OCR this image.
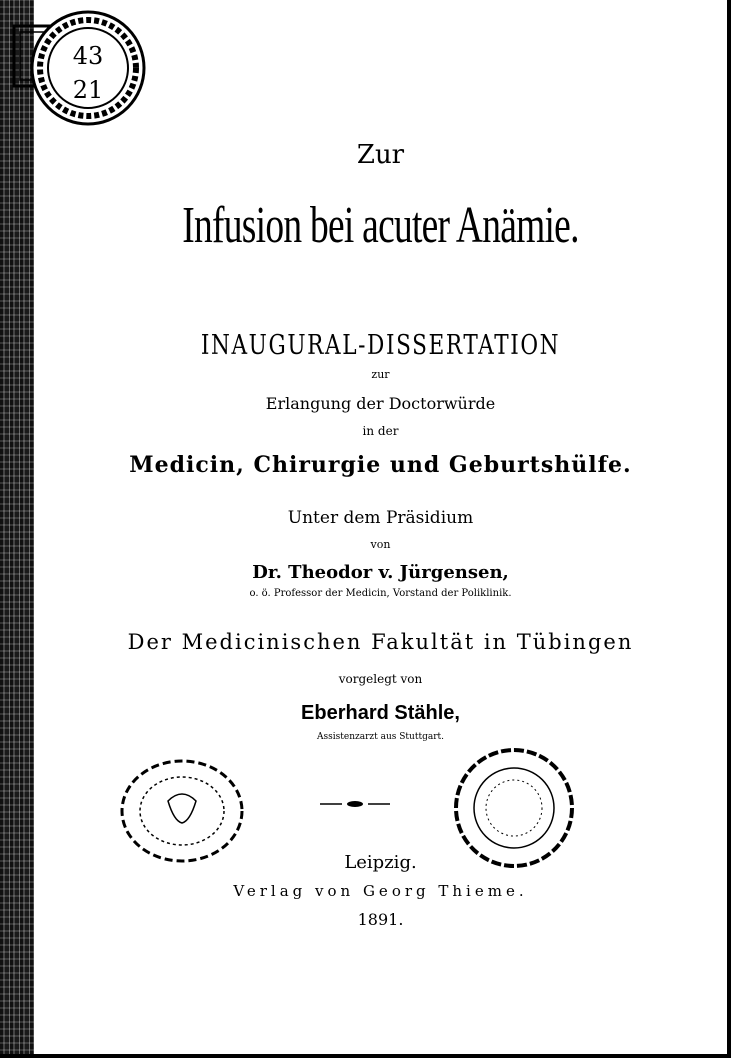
43
21
Zur
Infusion bei acuter Anämie.
INAUGURAL-DISSERTATION
zur
Erlangung der Doctorwürde
in der
Medicin, Chirurgie und Geburtshülfe.
Unter dem Präsidium
von
Dr. Theodor v. Jürgensen,
o. ö. Professor der Medicin, Vorstand der Poliklinik.
Der Medicinischen Fakultät in Tübingen
vorgelegt von
Eberhard Stähle,
Assistenzarzt aus Stuttgart.
Leipzig.
Verlag von Georg Thieme.
1891.
